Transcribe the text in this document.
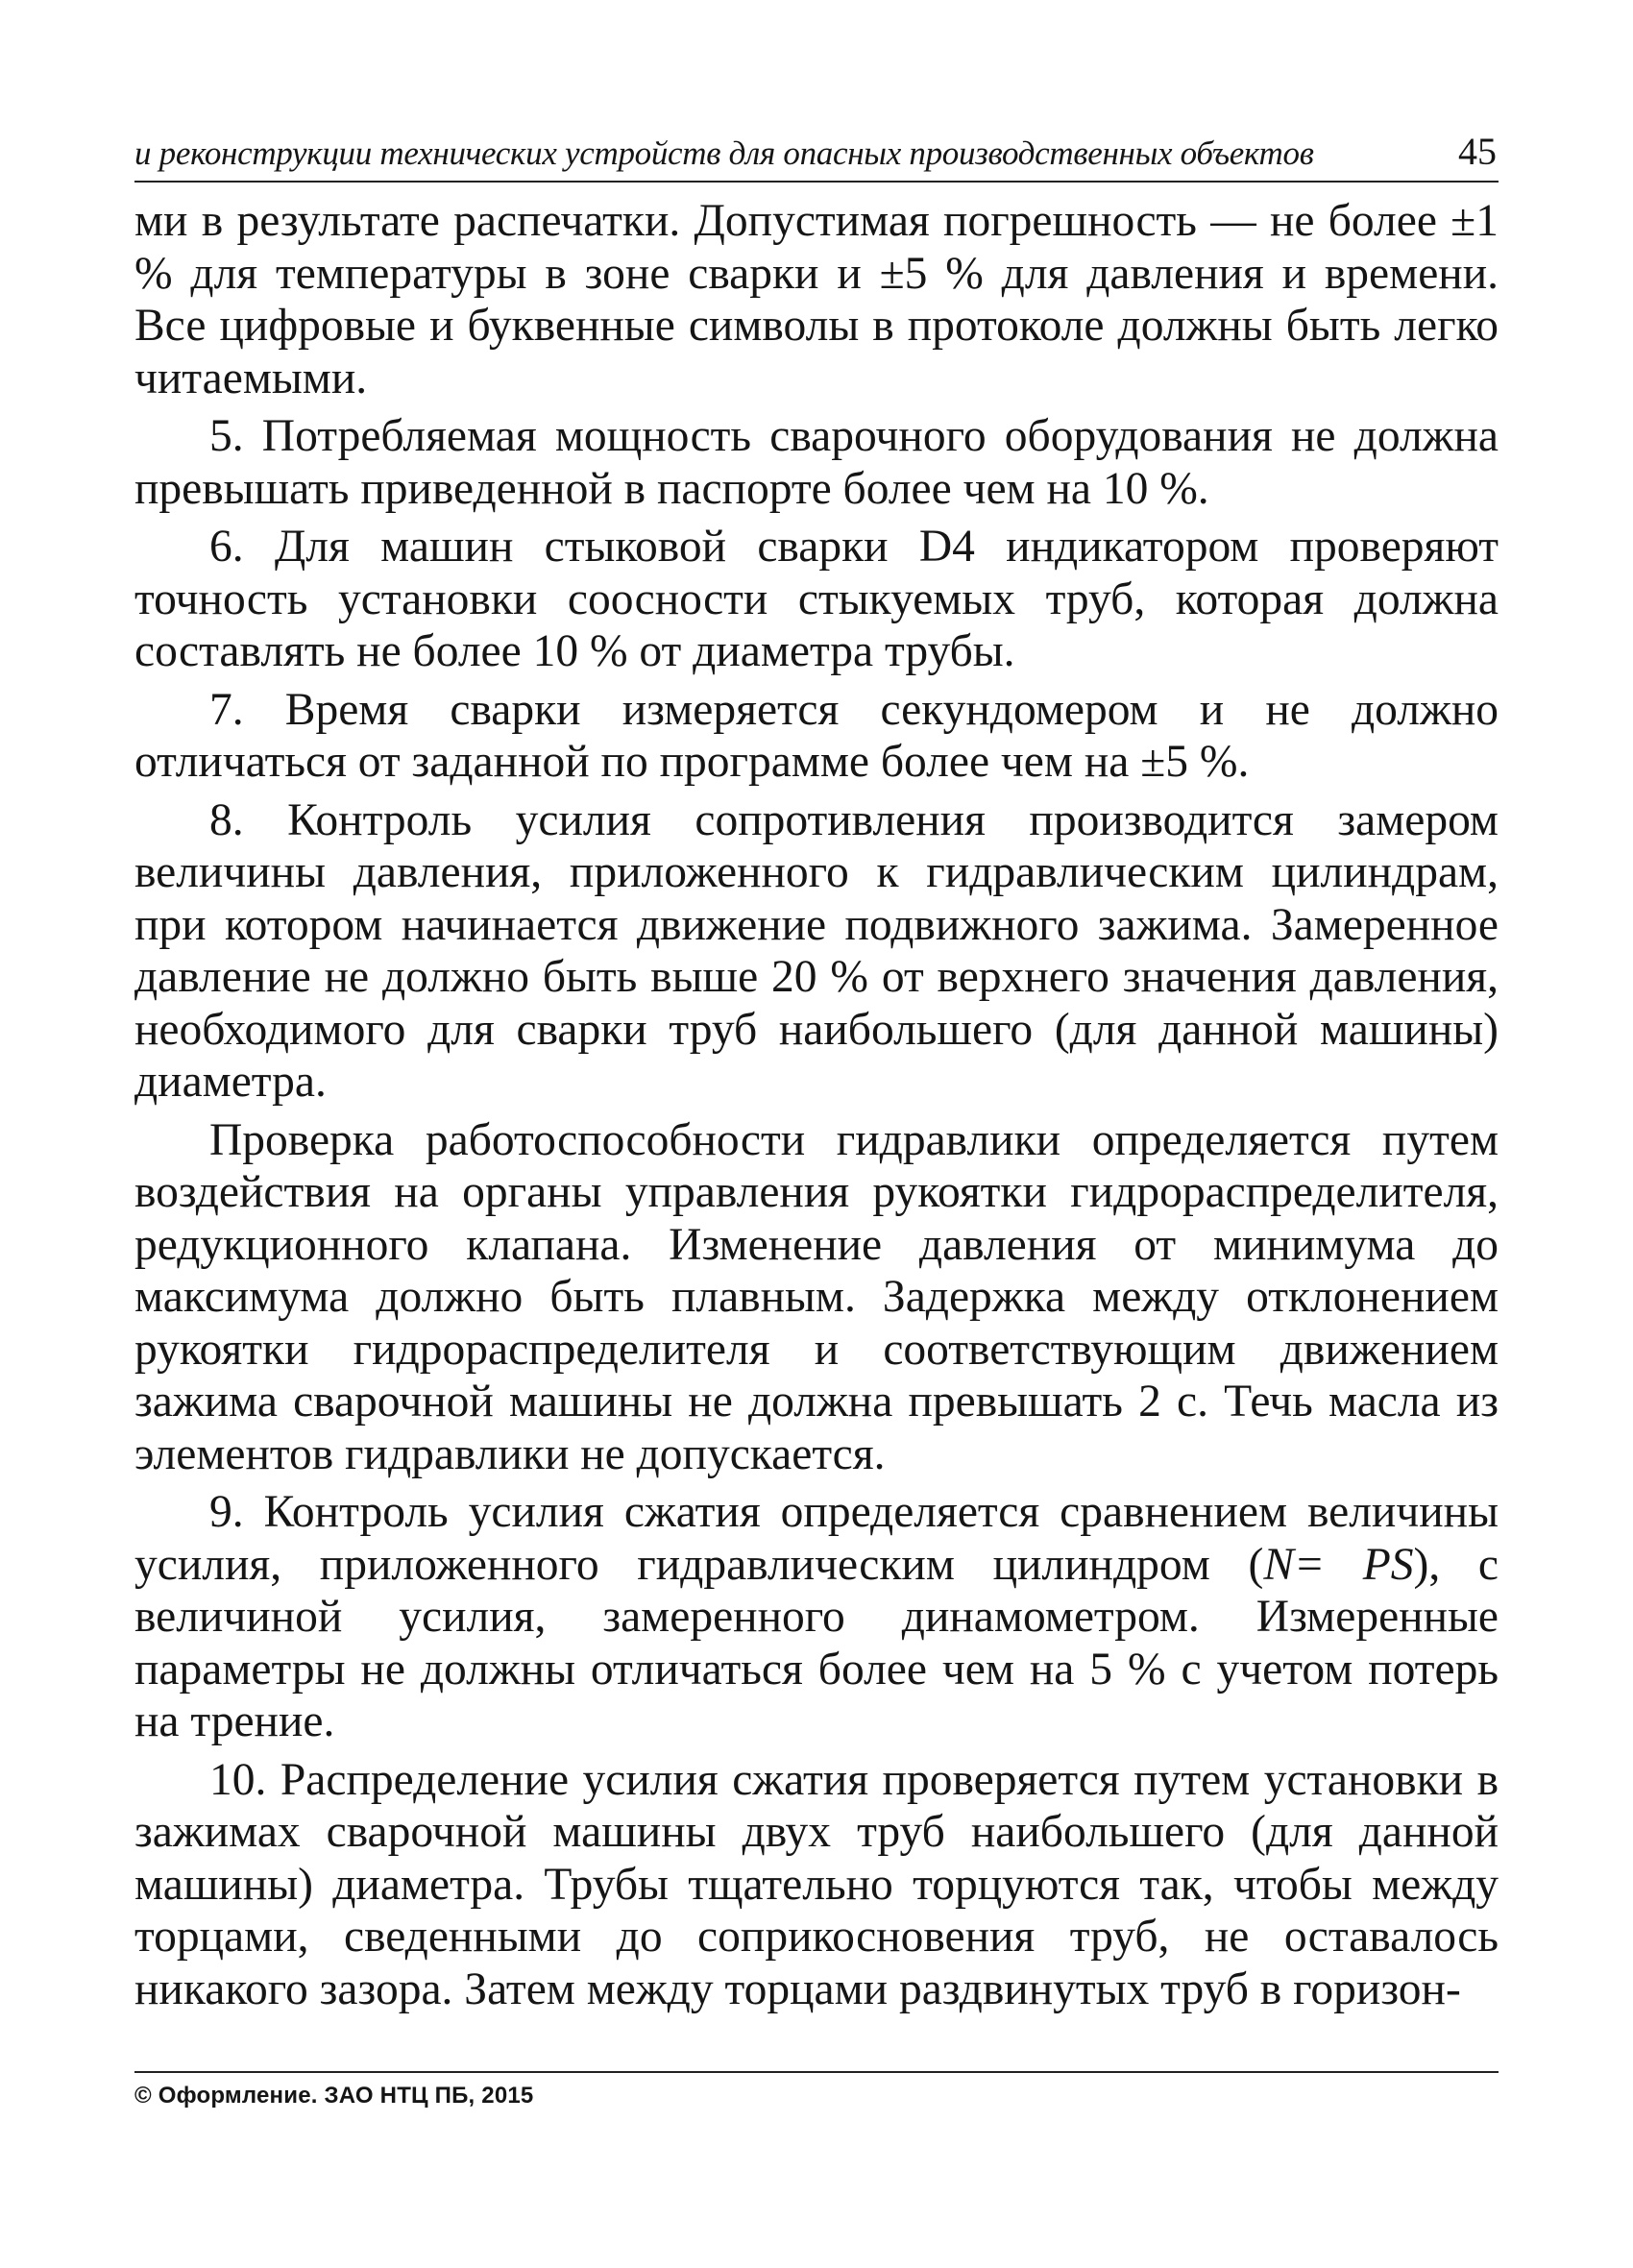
и реконструкции технических устройств для опасных производственных объектов	45

ми в результате распечатки. Допустимая погрешность — не более ±1 % для температуры в зоне сварки и ±5 % для давления и времени. Все цифровые и буквенные символы в протоколе должны быть легко читаемыми.

5. Потребляемая мощность сварочного оборудования не должна превышать приведенной в паспорте более чем на 10 %.

6. Для машин стыковой сварки D4 индикатором проверяют точность установки соосности стыкуемых труб, которая должна составлять не более 10 % от диаметра трубы.

7. Время сварки измеряется секундомером и не должно отличаться от заданной по программе более чем на ±5 %.

8. Контроль усилия сопротивления производится замером величины давления, приложенного к гидравлическим цилиндрам, при котором начинается движение подвижного зажима. Замеренное давление не должно быть выше 20 % от верхнего значения давления, необходимого для сварки труб наибольшего (для данной машины) диаметра.

Проверка работоспособности гидравлики определяется путем воздействия на органы управления рукоятки гидрораспределителя, редукционного клапана. Изменение давления от минимума до максимума должно быть плавным. Задержка между отклонением рукоятки гидрораспределителя и соответствующим движением зажима сварочной машины не должна превышать 2 с. Течь масла из элементов гидравлики не допускается.

9. Контроль усилия сжатия определяется сравнением величины усилия, приложенного гидравлическим цилиндром (N= PS), с величиной усилия, замеренного динамометром. Измеренные параметры не должны отличаться более чем на 5 % с учетом потерь на трение.

10. Распределение усилия сжатия проверяется путем установки в зажимах сварочной машины двух труб наибольшего (для данной машины) диаметра. Трубы тщательно торцуются так, чтобы между торцами, сведенными до соприкосновения труб, не оставалось никакого зазора. Затем между торцами раздвинутых труб в горизон-

© Оформление. ЗАО НТЦ ПБ, 2015
